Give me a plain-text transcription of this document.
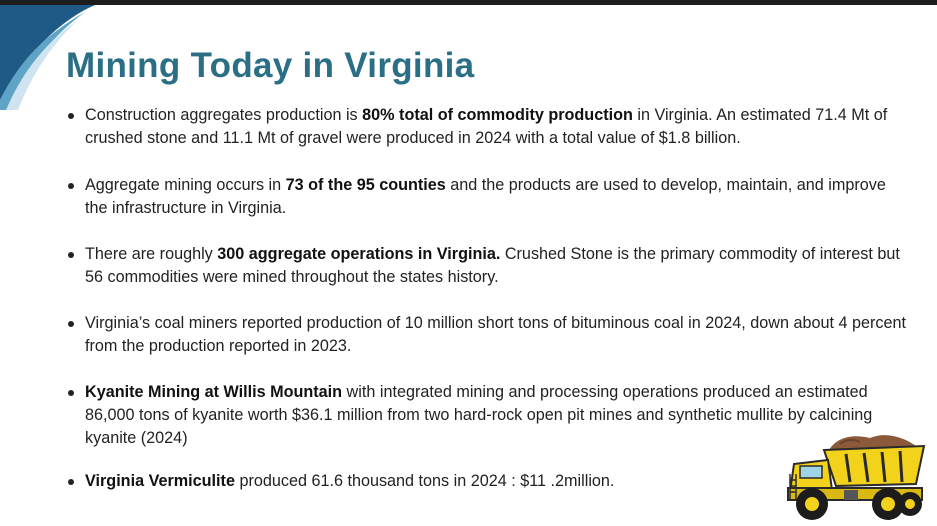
Mining Today in Virginia
Construction aggregates production is 80% total of commodity production in Virginia. An estimated 71.4 Mt of crushed stone and 11.1 Mt of gravel were produced in 2024 with a total value of $1.8 billion.
Aggregate mining occurs in 73 of the 95 counties and the products are used to develop, maintain, and improve the infrastructure in Virginia.
There are roughly 300 aggregate operations in Virginia. Crushed Stone is the primary commodity of interest but 56 commodities were mined throughout the states history.
Virginia’s coal miners reported production of 10 million short tons of bituminous coal in 2024, down about 4 percent from the production reported in 2023.
Kyanite Mining at Willis Mountain with integrated mining and processing operations produced an estimated 86,000 tons of kyanite worth $36.1 million from two hard-rock open pit mines and synthetic mullite by calcining kyanite (2024)
Virginia Vermiculite produced 61.6 thousand tons in 2024 : $11 .2million.
